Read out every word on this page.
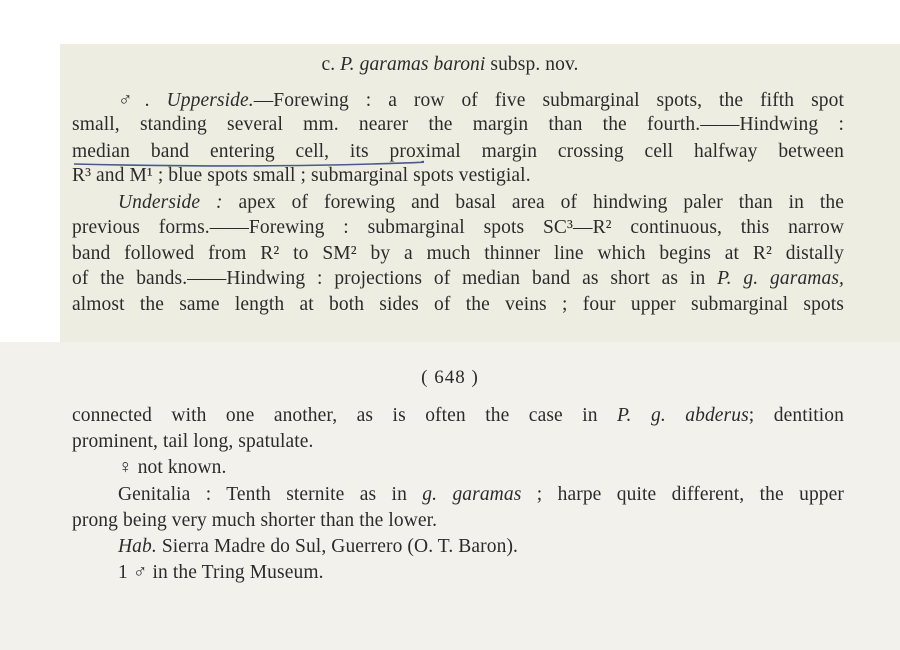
c. P. garamas baroni subsp. nov.
♂. Upperside.—Forewing : a row of five submarginal spots, the fifth spot
small, standing several mm. nearer the margin than the fourth.——Hindwing :
median band entering cell, its proximal margin crossing cell halfway between
R³ and M¹ ; blue spots small ; submarginal spots vestigial.
Underside : apex of forewing and basal area of hindwing paler than in the
previous forms.——Forewing : submarginal spots SC³—R² continuous, this narrow
band followed from R² to SM² by a much thinner line which begins at R² distally
of the bands.——Hindwing : projections of median band as short as in P. g. garamas,
almost the same length at both sides of the veins ; four upper submarginal spots
( 648 )
connected with one another, as is often the case in P. g. abderus; dentition
prominent, tail long, spatulate.
♀ not known.
Genitalia : Tenth sternite as in g. garamas ; harpe quite different, the upper
prong being very much shorter than the lower.
Hab. Sierra Madre do Sul, Guerrero (O. T. Baron).
1 ♂ in the Tring Museum.
